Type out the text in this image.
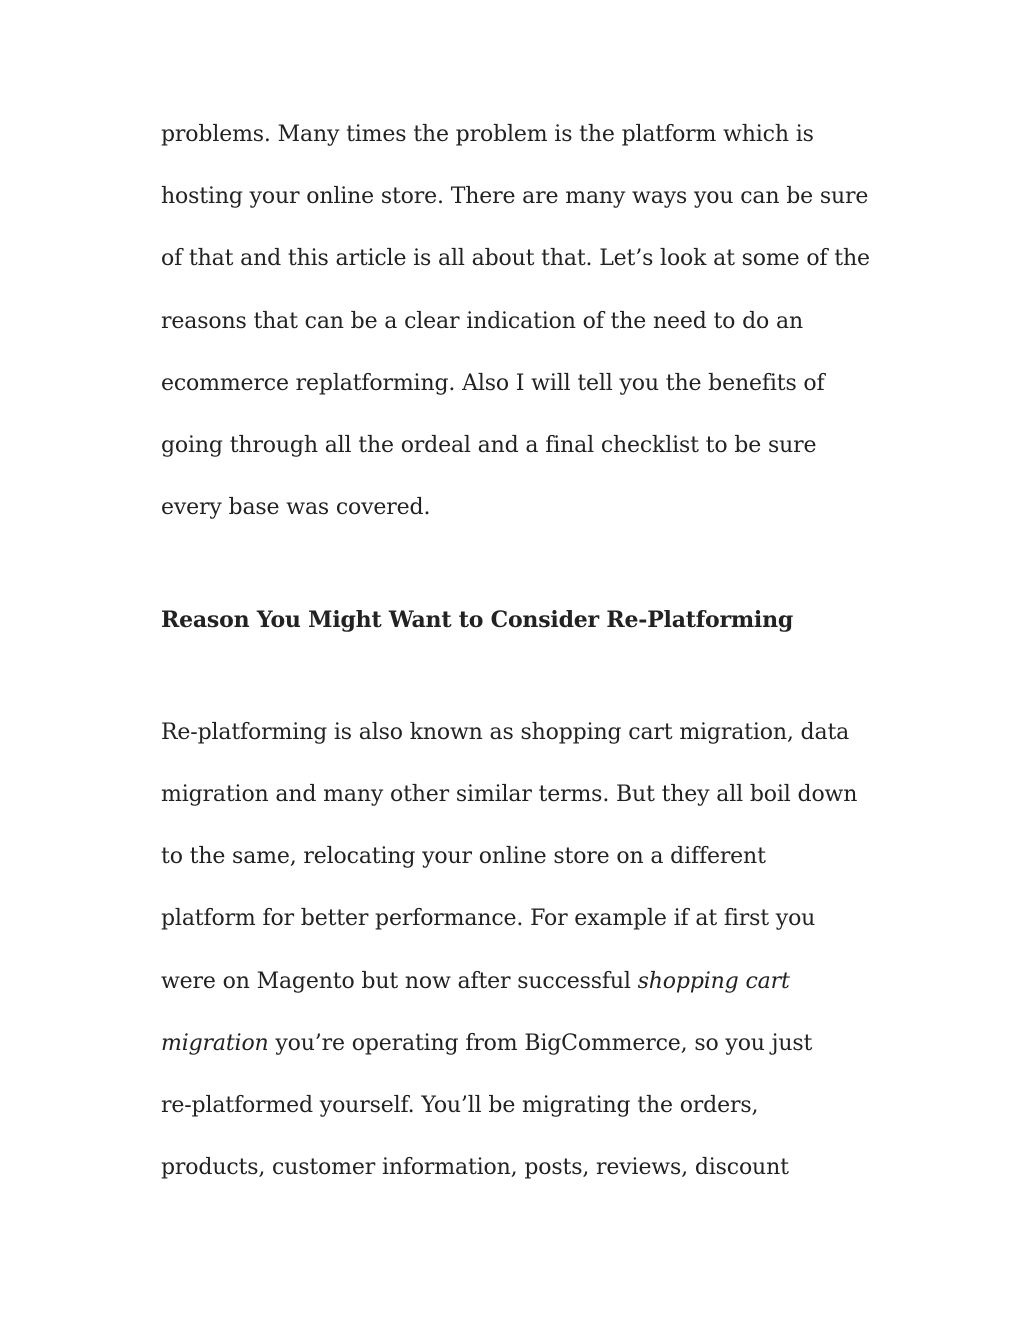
problems. Many times the problem is the platform which is
hosting your online store. There are many ways you can be sure
of that and this article is all about that. Let’s look at some of the
reasons that can be a clear indication of the need to do an
ecommerce replatforming. Also I will tell you the benefits of
going through all the ordeal and a final checklist to be sure
every base was covered.
Reason You Might Want to Consider Re-Platforming
Re-platforming is also known as shopping cart migration, data
migration and many other similar terms. But they all boil down
to the same, relocating your online store on a different
platform for better performance. For example if at first you
were on Magento but now after successful shopping cart
migration you’re operating from BigCommerce, so you just
re-platformed yourself. You’ll be migrating the orders,
products, customer information, posts, reviews, discount
